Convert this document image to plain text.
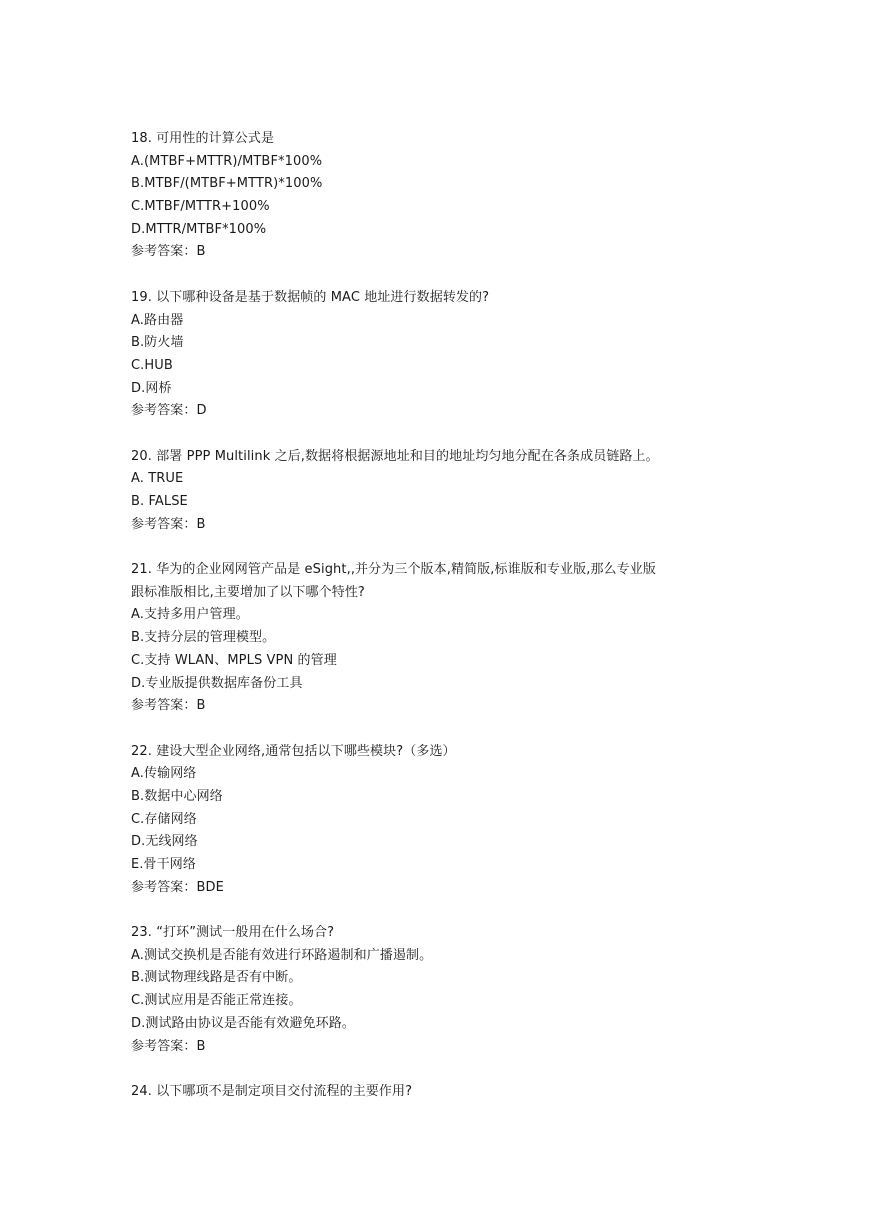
18. 可用性的计算公式是
A.(MTBF+MTTR)/MTBF*100%
B.MTBF/(MTBF+MTTR)*100%
C.MTBF/MTTR+100%
D.MTTR/MTBF*100%
参考答案：B
19. 以下哪种设备是基于数据帧的 MAC 地址进行数据转发的?
A.路由器
B.防火墙
C.HUB
D.网桥
参考答案：D
20. 部署 PPP Multilink 之后,数据将根据源地址和目的地址均匀地分配在各条成员链路上。
A. TRUE
B. FALSE
参考答案：B
21. 华为的企业网网管产品是 eSight,,并分为三个版本,精简版,标谁版和专业版,那么专业版
跟标准版相比,主要增加了以下哪个特性?
A.支持多用户管理。
B.支持分层的管理模型。
C.支持 WLAN、MPLS VPN 的管理
D.专业版提供数据库备份工具
参考答案：B
22. 建设大型企业网络,通常包括以下哪些模块?（多选）
A.传输网络
B.数据中心网络
C.存储网络
D.无线网络
E.骨干网络
参考答案：BDE
23. “打环”测试一般用在什么场合?
A.测试交换机是否能有效进行环路遏制和广播遏制。
B.测试物理线路是否有中断。
C.测试应用是否能正常连接。
D.测试路由协议是否能有效避免环路。
参考答案：B
24. 以下哪项不是制定项目交付流程的主要作用?
